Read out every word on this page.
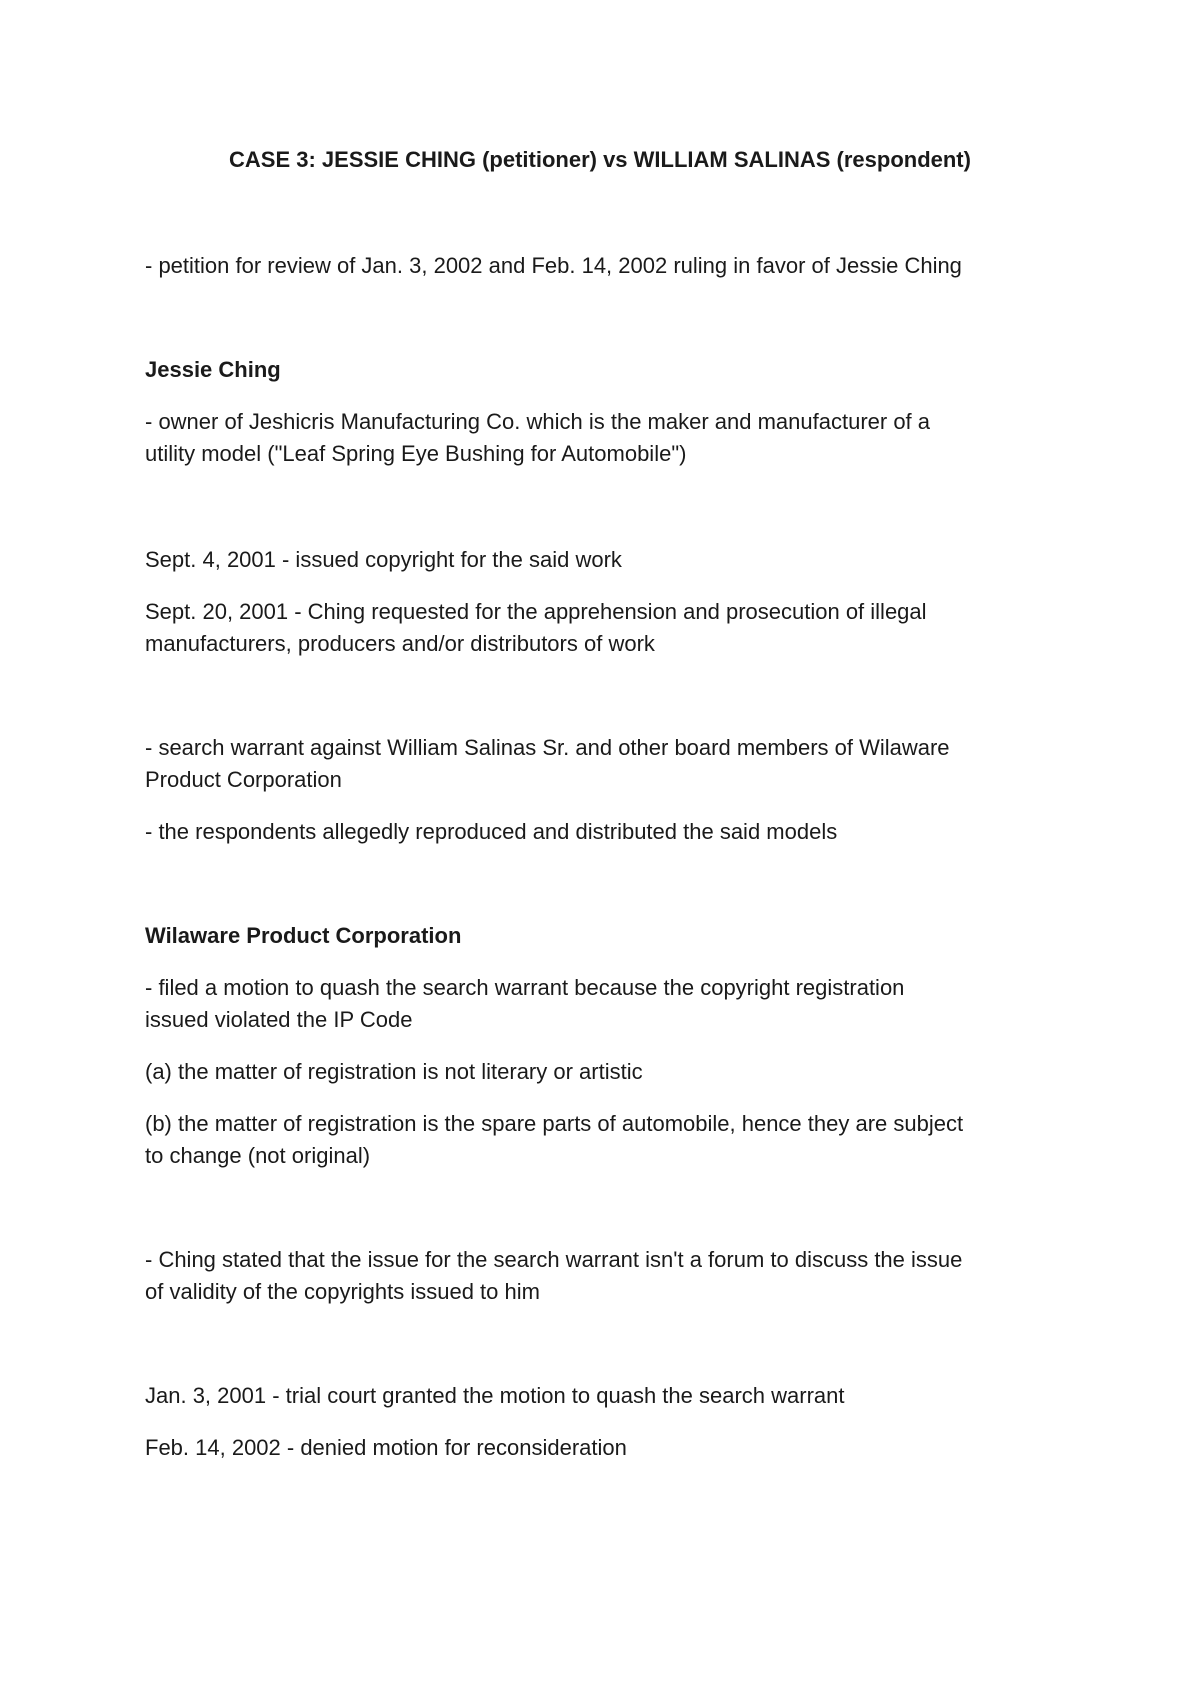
CASE 3: JESSIE CHING (petitioner) vs WILLIAM SALINAS (respondent)

- petition for review of Jan. 3, 2002 and Feb. 14, 2002 ruling in favor of Jessie Ching

Jessie Ching

- owner of Jeshicris Manufacturing Co. which is the maker and manufacturer of a

utility model ("Leaf Spring Eye Bushing for Automobile")

Sept. 4, 2001 - issued copyright for the said work

Sept. 20, 2001 - Ching requested for the apprehension and prosecution of illegal

manufacturers, producers and/or distributors of work

- search warrant against William Salinas Sr. and other board members of Wilaware

Product Corporation

- the respondents allegedly reproduced and distributed the said models

Wilaware Product Corporation

- filed a motion to quash the search warrant because the copyright registration

issued violated the IP Code

(a) the matter of registration is not literary or artistic

(b) the matter of registration is the spare parts of automobile, hence they are subject

to change (not original)

- Ching stated that the issue for the search warrant isn't a forum to discuss the issue

of validity of the copyrights issued to him

Jan. 3, 2001 - trial court granted the motion to quash the search warrant

Feb. 14, 2002 - denied motion for reconsideration
